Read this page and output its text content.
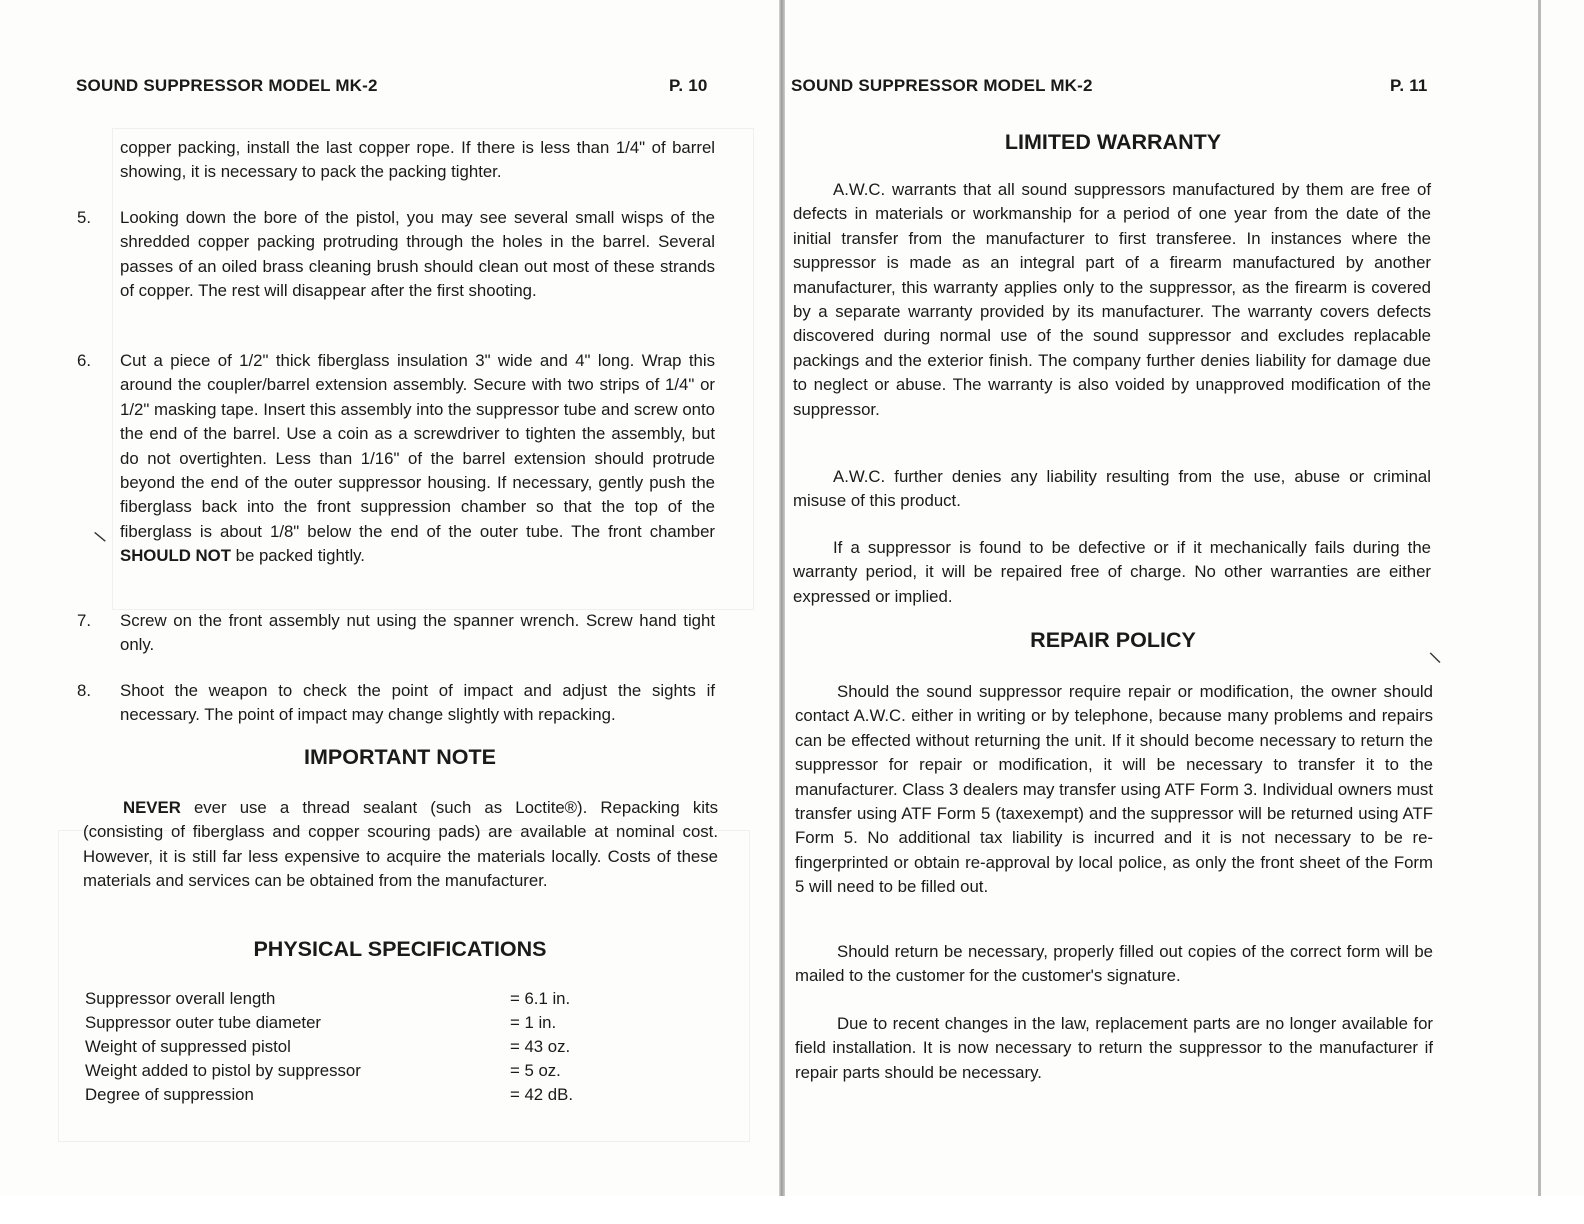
SOUND SUPPRESSOR MODEL MK-2	P. 10
copper packing, install the last copper rope. If there is less than 1/4" of barrel showing, it is necessary to pack the packing tighter.
5. Looking down the bore of the pistol, you may see several small wisps of the shredded copper packing protruding through the holes in the barrel. Several passes of an oiled brass cleaning brush should clean out most of these strands of copper. The rest will disappear after the first shooting.
6. Cut a piece of 1/2" thick fiberglass insulation 3" wide and 4" long. Wrap this around the coupler/barrel extension assembly. Secure with two strips of 1/4" or 1/2" masking tape. Insert this assembly into the suppressor tube and screw onto the end of the barrel. Use a coin as a screwdriver to tighten the assembly, but do not overtighten. Less than 1/16" of the barrel extension should protrude beyond the end of the outer suppressor housing. If necessary, gently push the fiberglass back into the front suppression chamber so that the top of the fiberglass is about 1/8" below the end of the outer tube. The front chamber SHOULD NOT be packed tightly.
7. Screw on the front assembly nut using the spanner wrench. Screw hand tight only.
8. Shoot the weapon to check the point of impact and adjust the sights if necessary. The point of impact may change slightly with repacking.
IMPORTANT NOTE
NEVER ever use a thread sealant (such as Loctite®). Repacking kits (consisting of fiberglass and copper scouring pads) are available at nominal cost. However, it is still far less expensive to acquire the materials locally. Costs of these materials and services can be obtained from the manufacturer.
PHYSICAL SPECIFICATIONS
Suppressor overall length	= 6.1 in.
Suppressor outer tube diameter	= 1 in.
Weight of suppressed pistol	= 43 oz.
Weight added to pistol by suppressor	= 5 oz.
Degree of suppression	= 42 dB.
\
SOUND SUPPRESSOR MODEL MK-2	P. 11
LIMITED WARRANTY
A.W.C. warrants that all sound suppressors manufactured by them are free of defects in materials or workmanship for a period of one year from the date of the initial transfer from the manufacturer to first transferee. In instances where the suppressor is made as an integral part of a firearm manufactured by another manufacturer, this warranty applies only to the suppressor, as the firearm is covered by a separate warranty provided by its manufacturer. The warranty covers defects discovered during normal use of the sound suppressor and excludes replacable packings and the exterior finish. The company further denies liability for damage due to neglect or abuse. The warranty is also voided by unapproved modification of the suppressor.
A.W.C. further denies any liability resulting from the use, abuse or criminal misuse of this product.
If a suppressor is found to be defective or if it mechanically fails during the warranty period, it will be repaired free of charge. No other warranties are either expressed or implied.
REPAIR POLICY
Should the sound suppressor require repair or modification, the owner should contact A.W.C. either in writing or by telephone, because many problems and repairs can be effected without returning the unit. If it should become necessary to return the suppressor for repair or modification, it will be necessary to transfer it to the manufacturer. Class 3 dealers may transfer using ATF Form 3. Individual owners must transfer using ATF Form 5 (taxexempt) and the suppressor will be returned using ATF Form 5. No additional tax liability is incurred and it is not necessary to be re-fingerprinted or obtain re-approval by local police, as only the front sheet of the Form 5 will need to be filled out.
Should return be necessary, properly filled out copies of the correct form will be mailed to the customer for the customer's signature.
Due to recent changes in the law, replacement parts are no longer available for field installation. It is now necessary to return the suppressor to the manufacturer if repair parts should be necessary.
\
